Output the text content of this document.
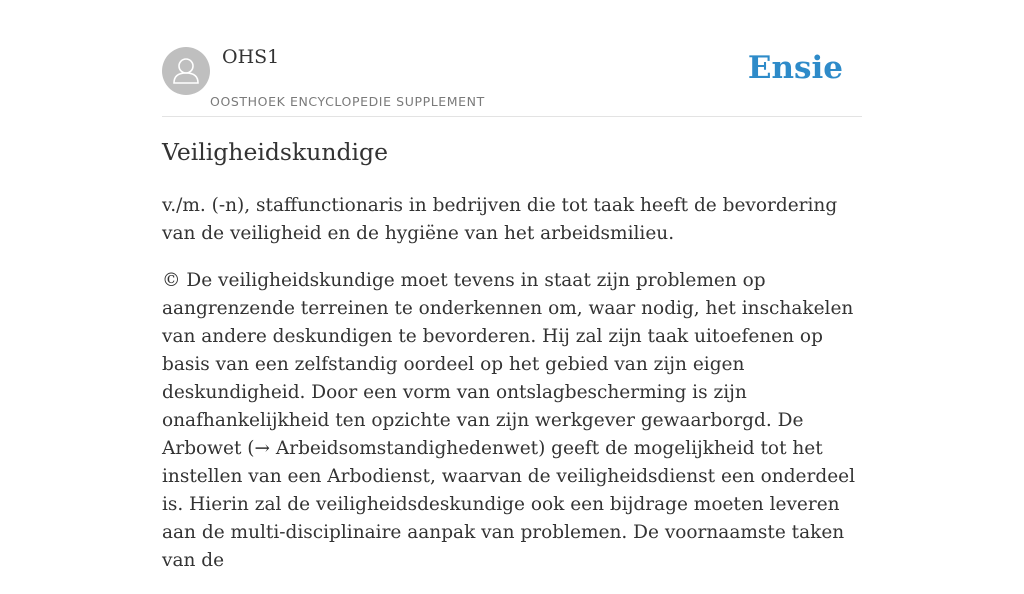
OHS1
OOSTHOEK ENCYCLOPEDIE SUPPLEMENT
Ensie
Veiligheidskundige

v./m. (-n), staffunctionaris in bedrijven die tot taak heeft de bevordering van de veiligheid en de hygiëne van het arbeidsmilieu.

© De veiligheidskundige moet tevens in staat zijn problemen op aangrenzende terreinen te onderkennen om, waar nodig, het inschakelen van andere deskundigen te bevorderen. Hij zal zijn taak uitoefenen op basis van een zelfstandig oordeel op het gebied van zijn eigen deskundigheid. Door een vorm van ontslagbescherming is zijn onafhankelijkheid ten opzichte van zijn werkgever gewaarborgd. De Arbowet (→ Arbeidsomstandighedenwet) geeft de mogelijkheid tot het instellen van een Arbodienst, waarvan de veiligheidsdienst een onderdeel is. Hierin zal de veiligheidsdeskundige ook een bijdrage moeten leveren aan de multi-disciplinaire aanpak van problemen. De voornaamste taken van de
